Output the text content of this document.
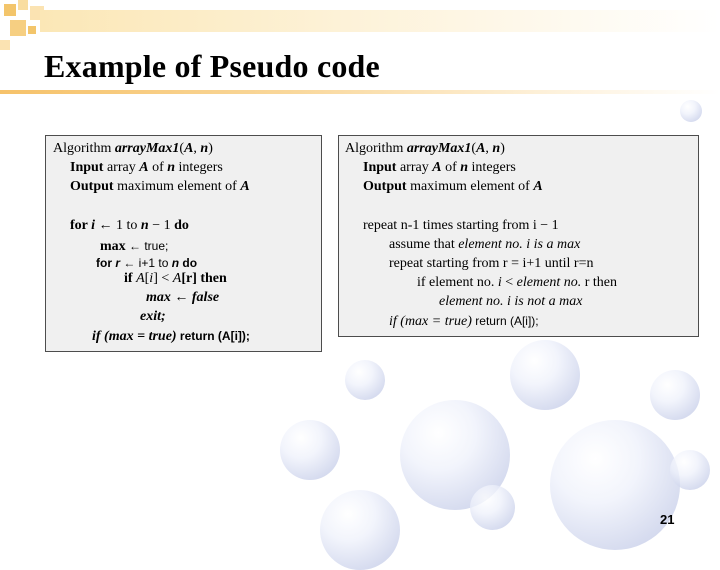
Example of Pseudo code
Algorithm arrayMax1(A, n)
Input array A of n integers
Output maximum element of A
for i ← 1 to n − 1 do
max ← true;
for r ← i+1 to n do
if A[i] < A[r] then
max ← false
exit;
if (max = true) return (A[i]);
Algorithm arrayMax1(A, n)
Input array A of n integers
Output maximum element of A
repeat n-1 times starting from i − 1
assume that element no. i is a max
repeat starting from r = i+1 until r=n
if element no. i < element no. r then
element no. i is not a max
if (max = true) return (A[i]);
21
